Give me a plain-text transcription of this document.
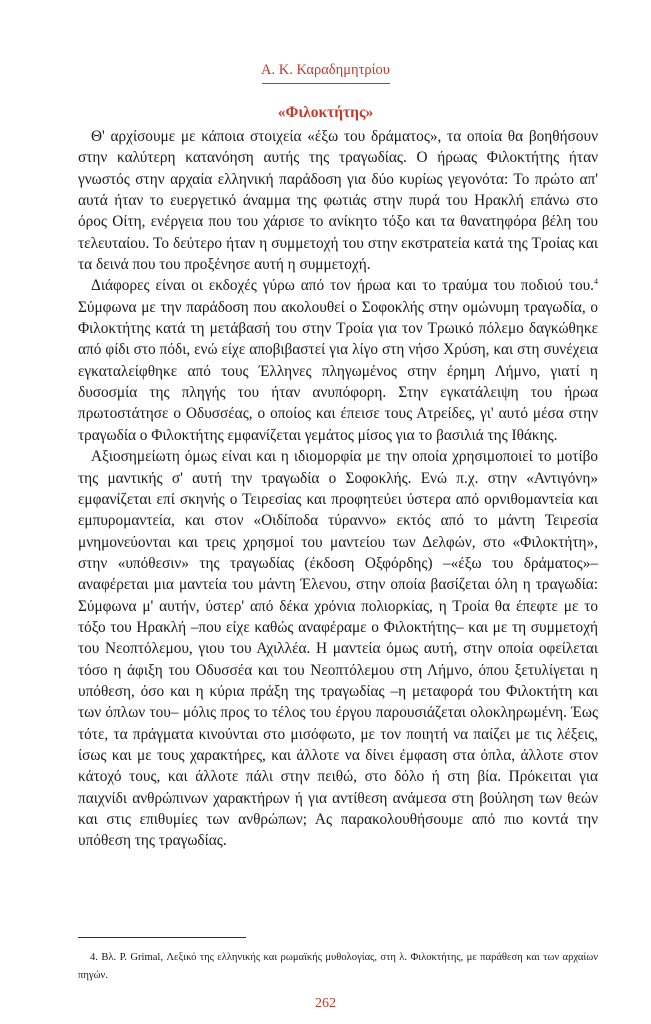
Α. Κ. Καραδημητρίου
«Φιλοκτήτης»

Θ' αρχίσουμε με κάποια στοιχεία «έξω του δράματος», τα οποία θα βοηθήσουν στην καλύτερη κατανόηση αυτής της τραγωδίας. Ο ήρωας Φιλοκτήτης ήταν γνωστός στην αρχαία ελληνική παράδοση για δύο κυρίως γεγονότα: Το πρώτο απ' αυτά ήταν το ευεργετικό άναμμα της φωτιάς στην πυρά του Ηρακλή επάνω στο όρος Οίτη, ενέργεια που του χάρισε το ανίκητο τόξο και τα θανατηφόρα βέλη του τελευταίου. Το δεύτερο ήταν η συμμετοχή του στην εκστρατεία κατά της Τροίας και τα δεινά που του προξένησε αυτή η συμμετοχή.

Διάφορες είναι οι εκδοχές γύρω από τον ήρωα και το τραύμα του ποδιού του.$^4$ Σύμφωνα με την παράδοση που ακολουθεί ο Σοφοκλής στην ομώνυμη τραγωδία, ο Φιλοκτήτης κατά τη μετάβασή του στην Τροία για τον Τρωικό πόλεμο δαγκώθηκε από φίδι στο πόδι, ενώ είχε αποβιβαστεί για λίγο στη νήσο Χρύση, και στη συνέχεια εγκαταλείφθηκε από τους Έλληνες πληγωμένος στην έρημη Λήμνο, γιατί η δυσοσμία της πληγής του ήταν ανυπόφορη. Στην εγκατάλειψη του ήρωα πρωτοστάτησε ο Οδυσσέας, ο οποίος και έπεισε τους Ατρείδες, γι' αυτό μέσα στην τραγωδία ο Φιλοκτήτης εμφανίζεται γεμάτος μίσος για το βασιλιά της Ιθάκης.

Αξιοσημείωτη όμως είναι και η ιδιομορφία με την οποία χρησιμοποιεί το μοτίβο της μαντικής σ' αυτή την τραγωδία ο Σοφοκλής. Ενώ π.χ. στην «Αντιγόνη» εμφανίζεται επί σκηνής ο Τειρεσίας και προφητεύει ύστερα από ορνιθομαντεία και εμπυρομαντεία, και στον «Οιδίποδα τύραννο» εκτός από το μάντη Τειρεσία μνημονεύονται και τρεις χρησμοί του μαντείου των Δελφών, στο «Φιλοκτήτη», στην «υπόθεσιν» της τραγωδίας (έκδοση Οξφόρδης) –«έξω του δράματος»– αναφέρεται μια μαντεία του μάντη Έλενου, στην οποία βασίζεται όλη η τραγωδία: Σύμφωνα μ' αυτήν, ύστερ' από δέκα χρόνια πολιορκίας, η Τροία θα έπεφτε με το τόξο του Ηρακλή –που είχε καθώς αναφέραμε ο Φιλοκτήτης– και με τη συμμετοχή του Νεοπτόλεμου, γιου του Αχιλλέα. Η μαντεία όμως αυτή, στην οποία οφείλεται τόσο η άφιξη του Οδυσσέα και του Νεοπτόλεμου στη Λήμνο, όπου ξετυλίγεται η υπόθεση, όσο και η κύρια πράξη της τραγωδίας –η μεταφορά του Φιλοκτήτη και των όπλων του– μόλις προς το τέλος του έργου παρουσιάζεται ολοκληρωμένη. Έως τότε, τα πράγματα κινούνται στο μισόφωτο, με τον ποιητή να παίζει με τις λέξεις, ίσως και με τους χαρακτήρες, και άλλοτε να δίνει έμφαση στα όπλα, άλλοτε στον κάτοχό τους, και άλλοτε πάλι στην πειθώ, στο δόλο ή στη βία. Πρόκειται για παιχνίδι ανθρώπινων χαρακτήρων ή για αντίθεση ανάμεσα στη βούληση των θεών και στις επιθυμίες των ανθρώπων; Ας παρακολουθήσουμε από πιο κοντά την υπόθεση της τραγωδίας.

4. Βλ. P. Grimal, Λεξικό της ελληνικής και ρωμαϊκής μυθολογίας, στη λ. Φιλοκτήτης, με παράθεση και των αρχαίων πηγών.
262
